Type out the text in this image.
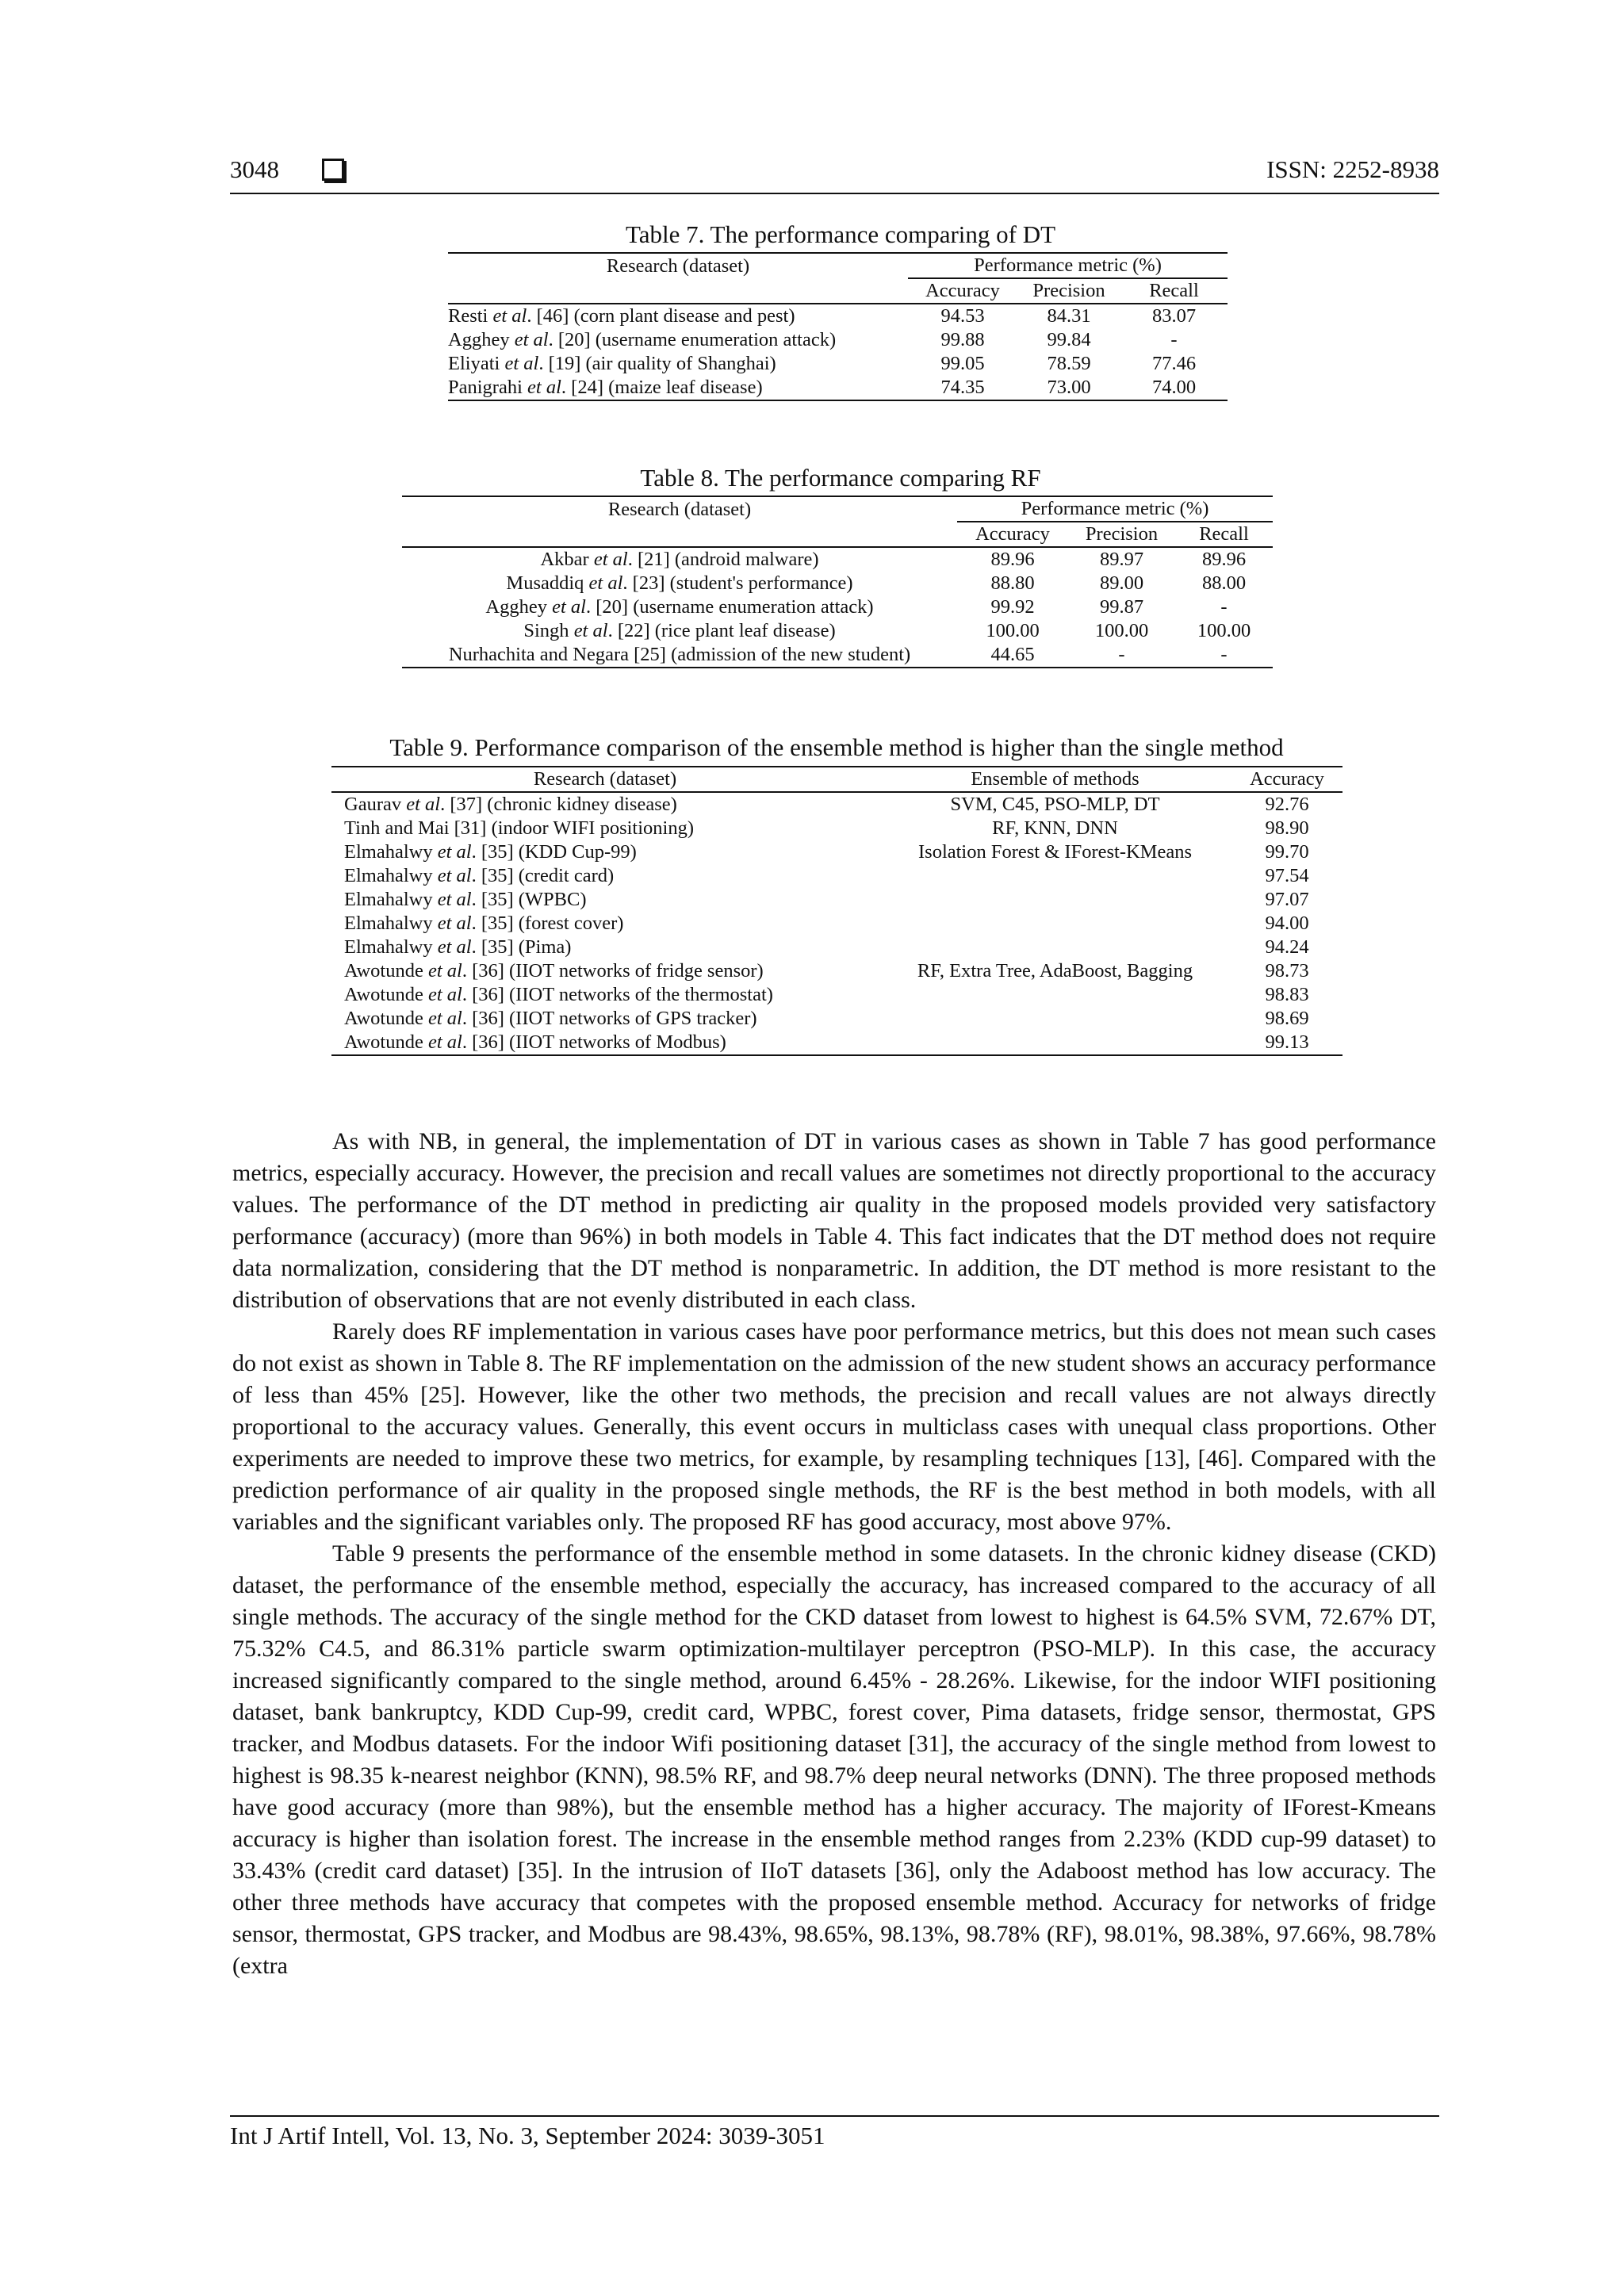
3048	ISSN: 2252-8938
Table 7. The performance comparing of DT
Research (dataset)	Performance metric (%)		
	Accuracy	Precision	Recall
Resti et al. [46] (corn plant disease and pest)	94.53	84.31	83.07
Agghey et al. [20] (username enumeration attack)	99.88	99.84	-
Eliyati et al. [19] (air quality of Shanghai)	99.05	78.59	77.46
Panigrahi et al. [24] (maize leaf disease)	74.35	73.00	74.00
Table 8. The performance comparing RF
Research (dataset)	Performance metric (%)		
	Accuracy	Precision	Recall
Akbar et al. [21] (android malware)	89.96	89.97	89.96
Musaddiq et al. [23] (student's performance)	88.80	89.00	88.00
Agghey et al. [20] (username enumeration attack)	99.92	99.87	-
Singh et al. [22] (rice plant leaf disease)	100.00	100.00	100.00
Nurhachita and Negara [25] (admission of the new student)	44.65	-	-
Table 9. Performance comparison of the ensemble method is higher than the single method
Research (dataset)	Ensemble of methods	Accuracy
Gaurav et al. [37] (chronic kidney disease)	SVM, C45, PSO-MLP, DT	92.76
Tinh and Mai [31] (indoor WIFI positioning)	RF, KNN, DNN	98.90
Elmahalwy et al. [35] (KDD Cup-99)	Isolation Forest & IForest-KMeans	99.70
Elmahalwy et al. [35] (credit card)		97.54
Elmahalwy et al. [35] (WPBC)		97.07
Elmahalwy et al. [35] (forest cover)		94.00
Elmahalwy et al. [35] (Pima)		94.24
Awotunde et al. [36] (IIOT networks of fridge sensor)	RF, Extra Tree, AdaBoost, Bagging	98.73
Awotunde et al. [36] (IIOT networks of the thermostat)		98.83
Awotunde et al. [36] (IIOT networks of GPS tracker)		98.69
Awotunde et al. [36] (IIOT networks of Modbus)		99.13

As with NB, in general, the implementation of DT in various cases as shown in Table 7 has good performance metrics, especially accuracy. However, the precision and recall values are sometimes not directly proportional to the accuracy values. The performance of the DT method in predicting air quality in the proposed models provided very satisfactory performance (accuracy) (more than 96%) in both models in Table 4. This fact indicates that the DT method does not require data normalization, considering that the DT method is nonparametric. In addition, the DT method is more resistant to the distribution of observations that are not evenly distributed in each class.

Rarely does RF implementation in various cases have poor performance metrics, but this does not mean such cases do not exist as shown in Table 8. The RF implementation on the admission of the new student shows an accuracy performance of less than 45% [25]. However, like the other two methods, the precision and recall values are not always directly proportional to the accuracy values. Generally, this event occurs in multiclass cases with unequal class proportions. Other experiments are needed to improve these two metrics, for example, by resampling techniques [13], [46]. Compared with the prediction performance of air quality in the proposed single methods, the RF is the best method in both models, with all variables and the significant variables only. The proposed RF has good accuracy, most above 97%.

Table 9 presents the performance of the ensemble method in some datasets. In the chronic kidney disease (CKD) dataset, the performance of the ensemble method, especially the accuracy, has increased compared to the accuracy of all single methods. The accuracy of the single method for the CKD dataset from lowest to highest is 64.5% SVM, 72.67% DT, 75.32% C4.5, and 86.31% particle swarm optimization-multilayer perceptron (PSO-MLP). In this case, the accuracy increased significantly compared to the single method, around 6.45% - 28.26%. Likewise, for the indoor WIFI positioning dataset, bank bankruptcy, KDD Cup-99, credit card, WPBC, forest cover, Pima datasets, fridge sensor, thermostat, GPS tracker, and Modbus datasets. For the indoor Wifi positioning dataset [31], the accuracy of the single method from lowest to highest is 98.35 k-nearest neighbor (KNN), 98.5% RF, and 98.7% deep neural networks (DNN). The three proposed methods have good accuracy (more than 98%), but the ensemble method has a higher accuracy. The majority of IForest-Kmeans accuracy is higher than isolation forest. The increase in the ensemble method ranges from 2.23% (KDD cup-99 dataset) to 33.43% (credit card dataset) [35]. In the intrusion of IIoT datasets [36], only the Adaboost method has low accuracy. The other three methods have accuracy that competes with the proposed ensemble method. Accuracy for networks of fridge sensor, thermostat, GPS tracker, and Modbus are 98.43%, 98.65%, 98.13%, 98.78% (RF), 98.01%, 98.38%, 97.66%, 98.78% (extra

Int J Artif Intell, Vol. 13, No. 3, September 2024: 3039-3051
